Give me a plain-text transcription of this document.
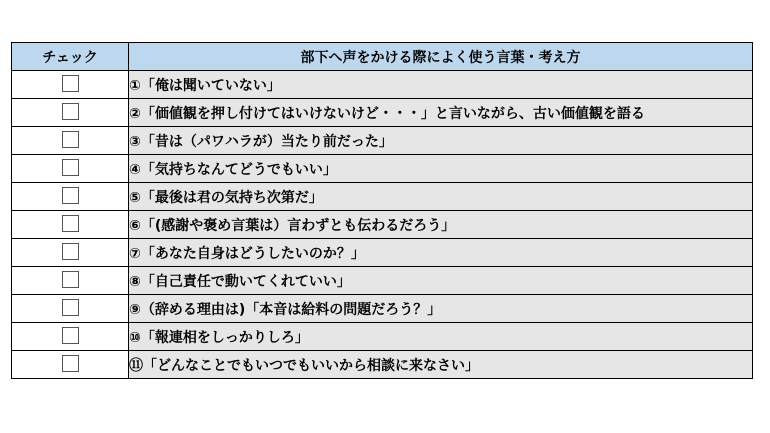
チェック	部下へ声をかける際によく使う言葉・考え方
	①「俺は聞いていない」
	②「価値観を押し付けてはいけないけど・・・」と言いながら、古い価値観を語る
	③「昔は（パワハラが）当たり前だった」
	④「気持ちなんてどうでもいい」
	⑤「最後は君の気持ち次第だ」
	⑥「(感謝や褒め言葉は）言わずとも伝わるだろう」
	⑦「あなた自身はどうしたいのか？」
	⑧「自己責任で動いてくれていい」
	⑨（辞める理由は)「本音は給料の問題だろう？」
	⑩「報連相をしっかりしろ」
	⑪「どんなことでもいつでもいいから相談に来なさい」
